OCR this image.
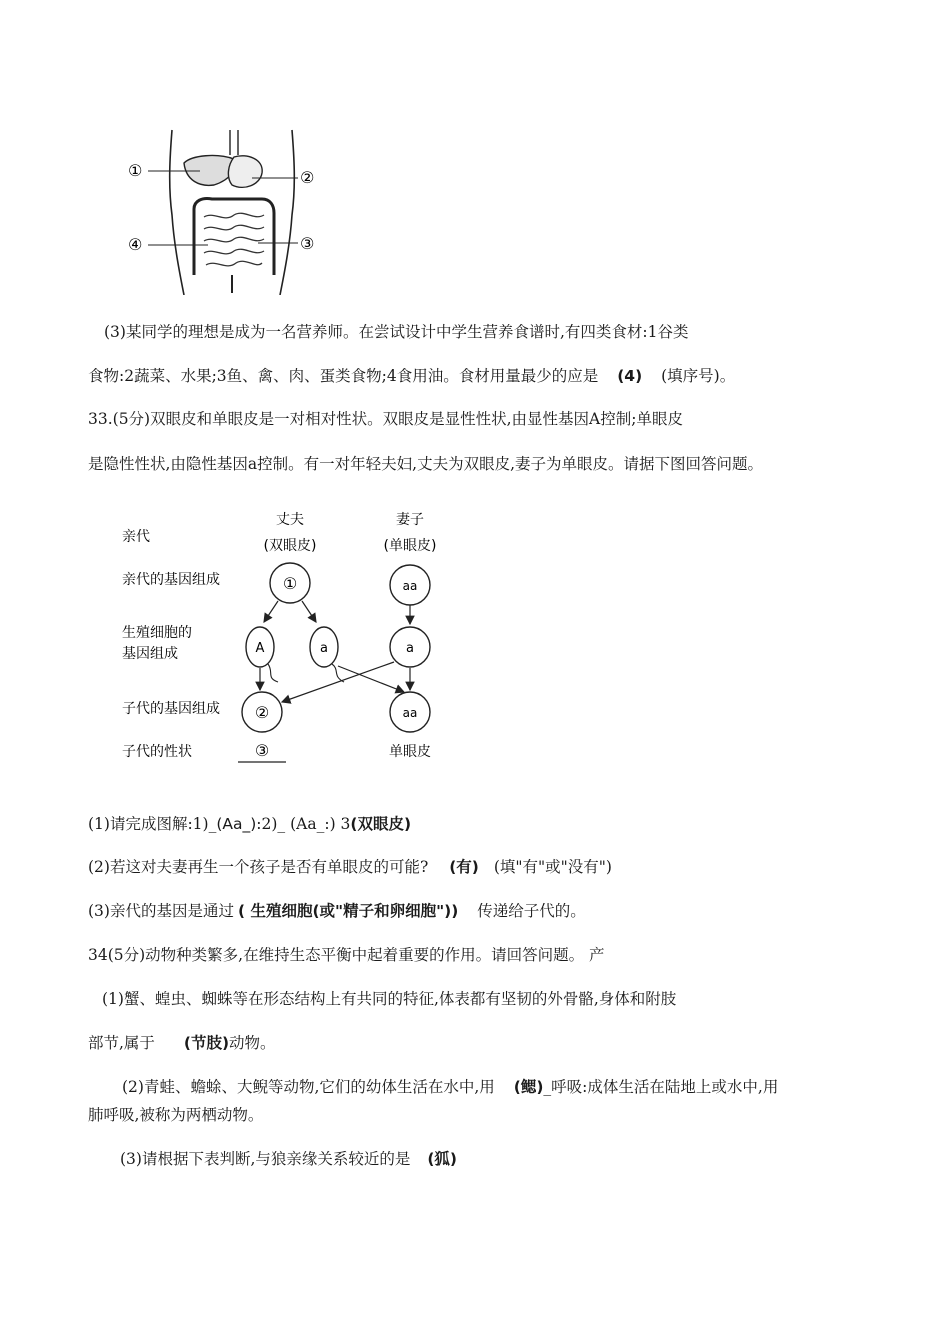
①	②
③
④
(3)某同学的理想是成为一名营养师。在尝试设计中学生营养食谱时,有四类食材:1谷类
食物:2蔬菜、水果;3鱼、禽、肉、蛋类食物;4食用油。食材用量最少的应是 (4) (填序号)。
33.(5分)双眼皮和单眼皮是一对相对性状。双眼皮是显性性状,由显性基因A控制;单眼皮
是隐性性状,由隐性基因a控制。有一对年轻夫妇,丈夫为双眼皮,妻子为单眼皮。请据下图回答问题。
亲代
亲代的基因组成
生殖细胞的
基因组成
子代的基因组成
子代的性状
丈夫
(双眼皮)
妻子
(单眼皮)
①	aa
A	a	a
②	aa
③	单眼皮
(1)请完成图解:1)_(Aa_):2)_ (Aa_:) 3(双眼皮)
(2)若这对夫妻再生一个孩子是否有单眼皮的可能? (有) (填"有"或"没有")
(3)亲代的基因是通过 ( 生殖细胞(或"精子和卵细胞")) 传递给子代的。
34(5分)动物种类繁多,在维持生态平衡中起着重要的作用。请回答问题。 产
(1)蟹、蝗虫、蜘蛛等在形态结构上有共同的特征,体表都有坚韧的外骨骼,身体和附肢
部节,属于 (节肢)动物。
(2)青蛙、蟾蜍、大鲵等动物,它们的幼体生活在水中,用 (鳃)_呼吸:成体生活在陆地上或水中,用
肺呼吸,被称为两栖动物。
(3)请根据下表判断,与狼亲缘关系较近的是 (狐)
